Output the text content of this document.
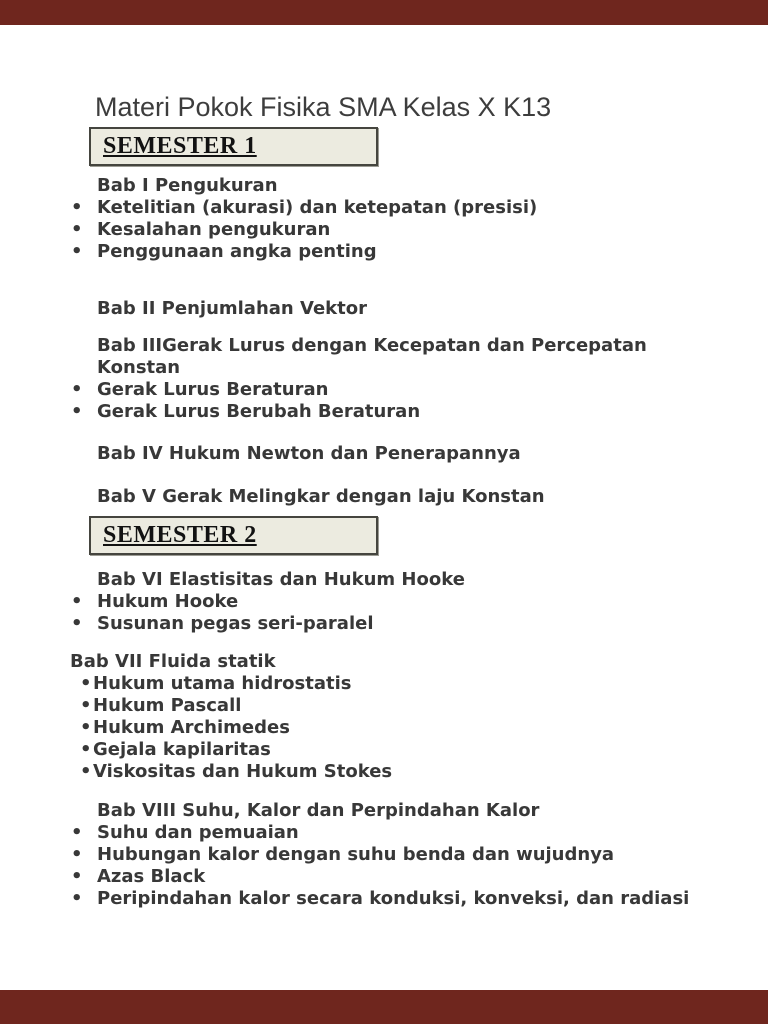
Materi Pokok Fisika SMA Kelas X K13
SEMESTER 1
Bab I Pengukuran
• Ketelitian (akurasi) dan ketepatan (presisi)
• Kesalahan pengukuran
• Penggunaan angka penting
Bab II Penjumlahan Vektor
Bab IIIGerak Lurus dengan Kecepatan dan Percepatan Konstan
• Gerak Lurus Beraturan
• Gerak Lurus Berubah Beraturan
Bab IV Hukum Newton dan Penerapannya
Bab V Gerak Melingkar dengan laju Konstan
SEMESTER 2
Bab VI Elastisitas dan Hukum Hooke
• Hukum Hooke
• Susunan pegas seri-paralel
Bab VII Fluida statik
• Hukum utama hidrostatis
• Hukum Pascall
• Hukum Archimedes
• Gejala kapilaritas
• Viskositas dan Hukum Stokes
Bab VIII Suhu, Kalor dan Perpindahan Kalor
• Suhu dan pemuaian
• Hubungan kalor dengan suhu benda dan wujudnya
• Azas Black
• Peripindahan kalor secara konduksi, konveksi, dan radiasi
